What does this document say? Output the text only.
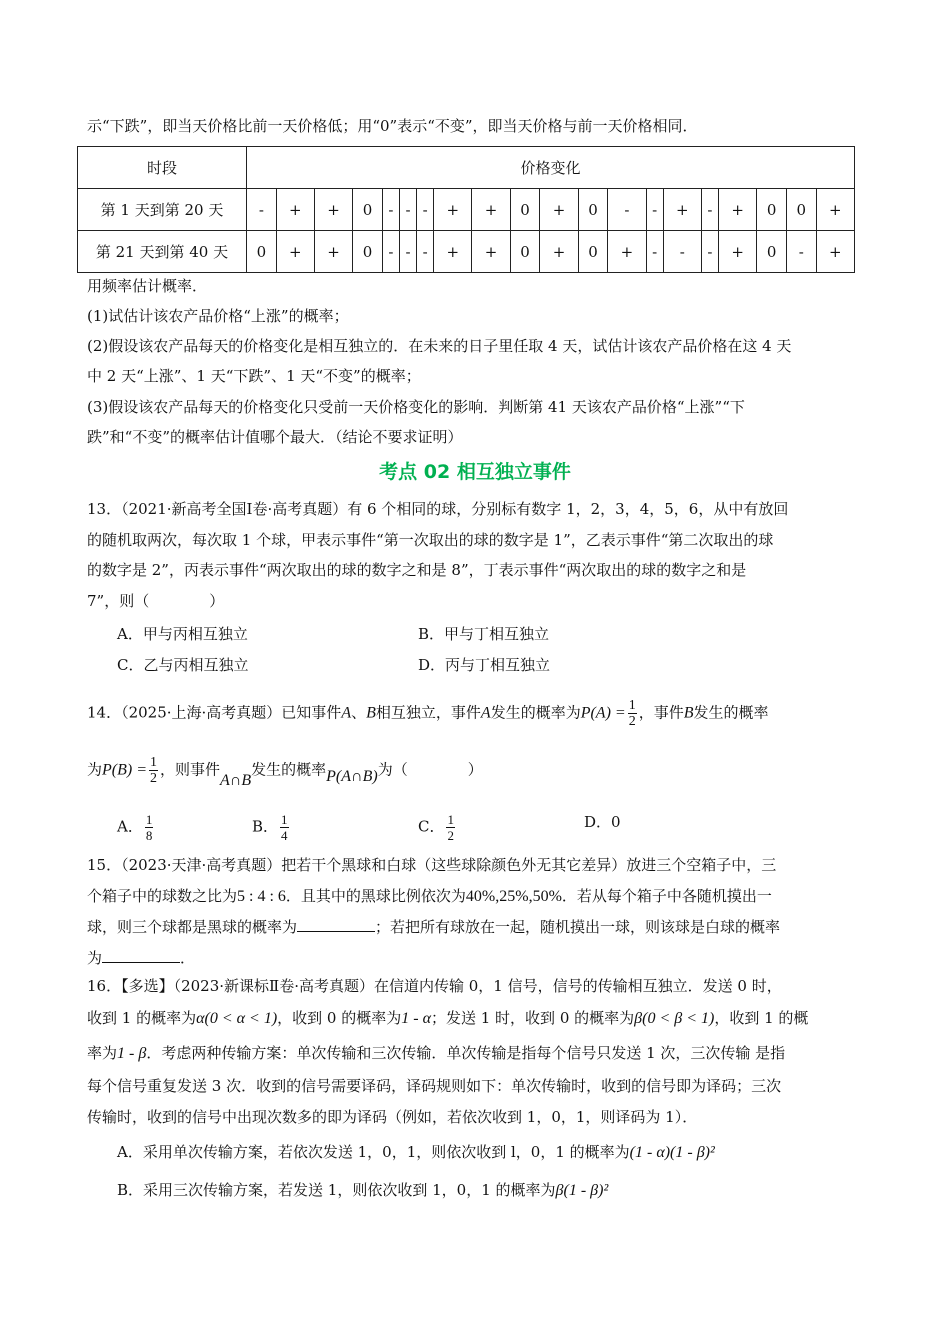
示“下跌”，即当天价格比前一天价格低；用“0”表示“不变”，即当天价格与前一天价格相同．
时段	价格变化																			
第 1 天到第 20 天	-	+	+	0	-	-	-	+	+	0	+	0	-	-	+	-	+	0	0	+
第 21 天到第 40 天	0	+	+	0	-	-	-	+	+	0	+	0	+	-	-	-	+	0	-	+
用频率估计概率．
(1)试估计该农产品价格“上涨”的概率；
(2)假设该农产品每天的价格变化是相互独立的．在未来的日子里任取 4 天，试估计该农产品价格在这 4 天
中 2 天“上涨”、1 天“下跌”、1 天“不变”的概率；
(3)假设该农产品每天的价格变化只受前一天价格变化的影响．判断第 41 天该农产品价格“上涨”“下
跌”和“不变”的概率估计值哪个最大．（结论不要求证明）
考点 02 相互独立事件
13．（2021·新高考全国Ⅰ卷·高考真题）有 6 个相同的球，分别标有数字 1，2，3，4，5，6，从中有放回
的随机取两次，每次取 1 个球，甲表示事件“第一次取出的球的数字是 1”，乙表示事件“第二次取出的球
的数字是 2”，丙表示事件“两次取出的球的数字之和是 8”，丁表示事件“两次取出的球的数字之和是
7”，则（　　　　）
A．甲与丙相互独立	B．甲与丁相互独立
C．乙与丙相互独立	D．丙与丁相互独立
14．（2025·上海·高考真题）已知事件A、B相互独立，事件A发生的概率为$P(A) = \frac{1}{2}$ ，事件B发生的概率
为$P(B) = \frac{1}{2}$ ，则事件A∩B发生的概率P(A∩B)为（　　　　）
A． $\frac{1}{8}$	B． $\frac{1}{4}$	C． $\frac{1}{2}$	D．0
15．（2023·天津·高考真题）把若干个黑球和白球（这些球除颜色外无其它差异）放进三个空箱子中，三
个箱子中的球数之比为5 : 4 : 6．且其中的黑球比例依次为40%,25%,50%．若从每个箱子中各随机摸出一
球，则三个球都是黑球的概率为	；若把所有球放在一起，随机摸出一球，则该球是白球的概率
为	．
16．【多选】（2023·新课标Ⅱ卷·高考真题）在信道内传输 0，1 信号，信号的传输相互独立．发送 0 时，
收到 1 的概率为α(0 < α < 1)，收到 0 的概率为1 - α；发送 1 时，收到 0 的概率为β(0 < β < 1)，收到 1 的概
率为1 - β．考虑两种传输方案：单次传输和三次传输．单次传输是指每个信号只发送 1 次，三次传输 是指
每个信号重复发送 3 次．收到的信号需要译码，译码规则如下：单次传输时，收到的信号即为译码；三次
传输时，收到的信号中出现次数多的即为译码（例如，若依次收到 1，0，1，则译码为 1）．
A．采用单次传输方案，若依次发送 1，0，1，则依次收到 l，0，1 的概率为(1 - α)(1 - β)²
B．采用三次传输方案，若发送 1，则依次收到 1，0，1 的概率为β(1 - β)²
